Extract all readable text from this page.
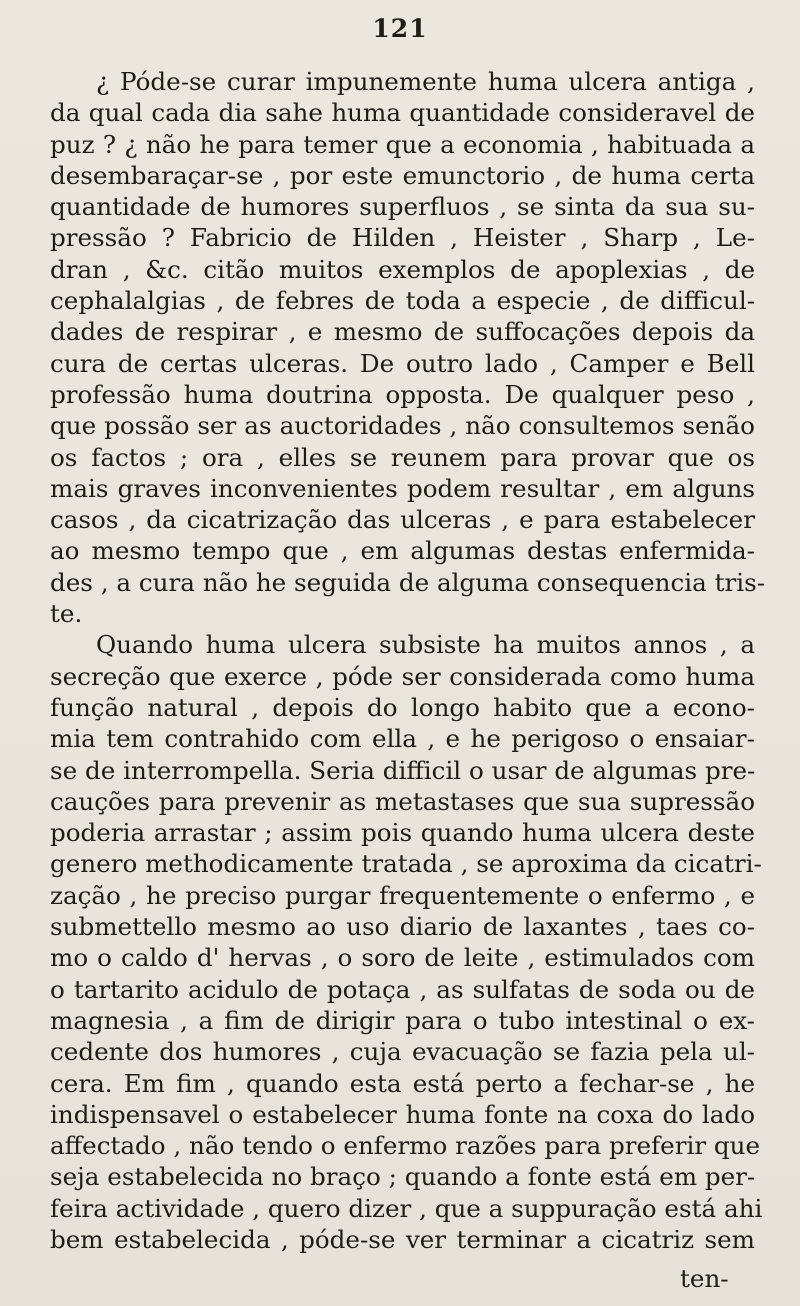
121
¿ Póde-se curar impunemente huma ulcera antiga ,
da qual cada dia sahe huma quantidade consideravel de
puz ? ¿ não he para temer que a economia , habituada a
desembaraçar-se , por este emunctorio , de huma certa
quantidade de humores superfluos , se sinta da sua su-
pressão ? Fabricio de Hilden , Heister , Sharp , Le-
dran , &c. citão muitos exemplos de apoplexias , de
cephalalgias , de febres de toda a especie , de difficul-
dades de respirar , e mesmo de suffocações depois da
cura de certas ulceras. De outro lado , Camper e Bell
professão huma doutrina opposta. De qualquer peso ,
que possão ser as auctoridades , não consultemos senão
os factos ; ora , elles se reunem para provar que os
mais graves inconvenientes podem resultar , em alguns
casos , da cicatrização das ulceras , e para estabelecer
ao mesmo tempo que , em algumas destas enfermida-
des , a cura não he seguida de alguma consequencia tris-
te.
Quando huma ulcera subsiste ha muitos annos , a
secreção que exerce , póde ser considerada como huma
função natural , depois do longo habito que a econo-
mia tem contrahido com ella , e he perigoso o ensaiar-
se de interrompella. Seria difficil o usar de algumas pre-
cauções para prevenir as metastases que sua supressão
poderia arrastar ; assim pois quando huma ulcera deste
genero methodicamente tratada , se aproxima da cicatri-
zação , he preciso purgar frequentemente o enfermo , e
submettello mesmo ao uso diario de laxantes , taes co-
mo o caldo d' hervas , o soro de leite , estimulados com
o tartarito acidulo de potaça , as sulfatas de soda ou de
magnesia , a fim de dirigir para o tubo intestinal o ex-
cedente dos humores , cuja evacuação se fazia pela ul-
cera. Em fim , quando esta está perto a fechar-se , he
indispensavel o estabelecer huma fonte na coxa do lado
affectado , não tendo o enfermo razões para preferir que
seja estabelecida no braço ; quando a fonte está em per-
feira actividade , quero dizer , que a suppuração está ahi
bem estabelecida , póde-se ver terminar a cicatriz sem
ten-
